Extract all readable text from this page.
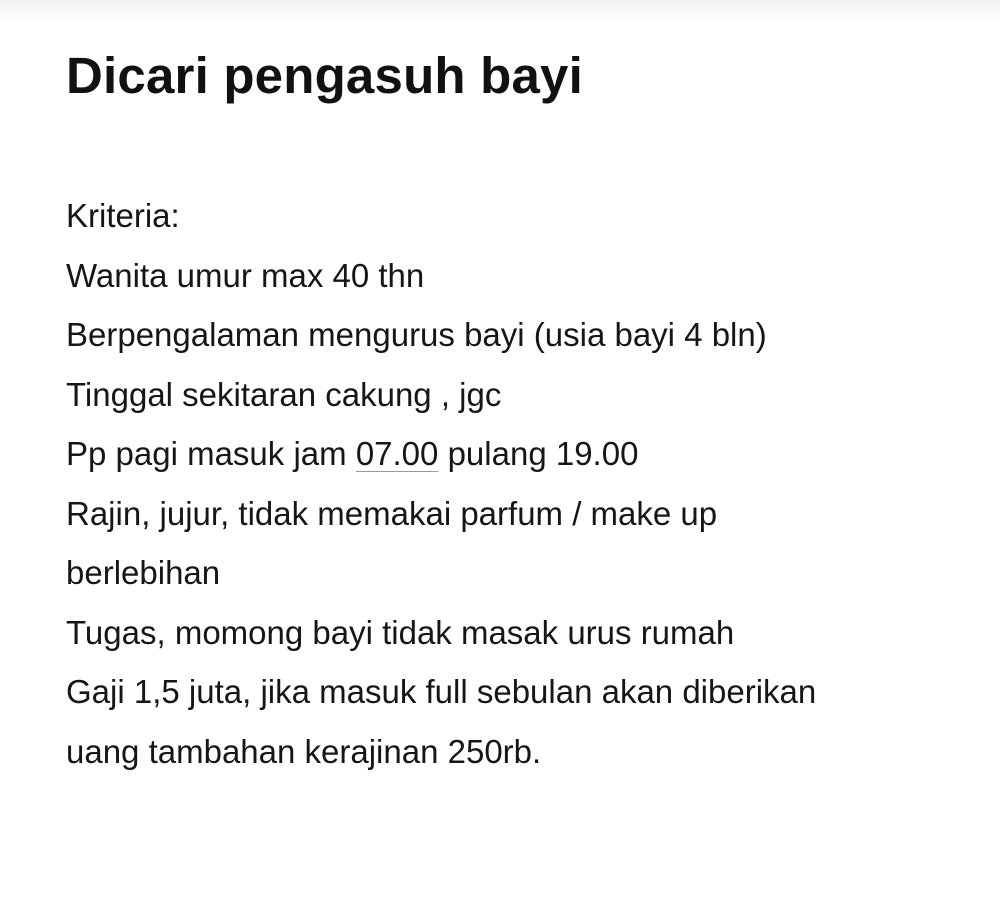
Dicari pengasuh bayi
Kriteria:
Wanita umur max 40 thn
Berpengalaman mengurus bayi (usia bayi 4 bln)
Tinggal sekitaran cakung , jgc
Pp pagi masuk jam 07.00 pulang 19.00
Rajin, jujur, tidak memakai parfum / make up
berlebihan
Tugas, momong bayi tidak masak urus rumah
Gaji 1,5 juta, jika masuk full sebulan akan diberikan
uang tambahan kerajinan 250rb.
